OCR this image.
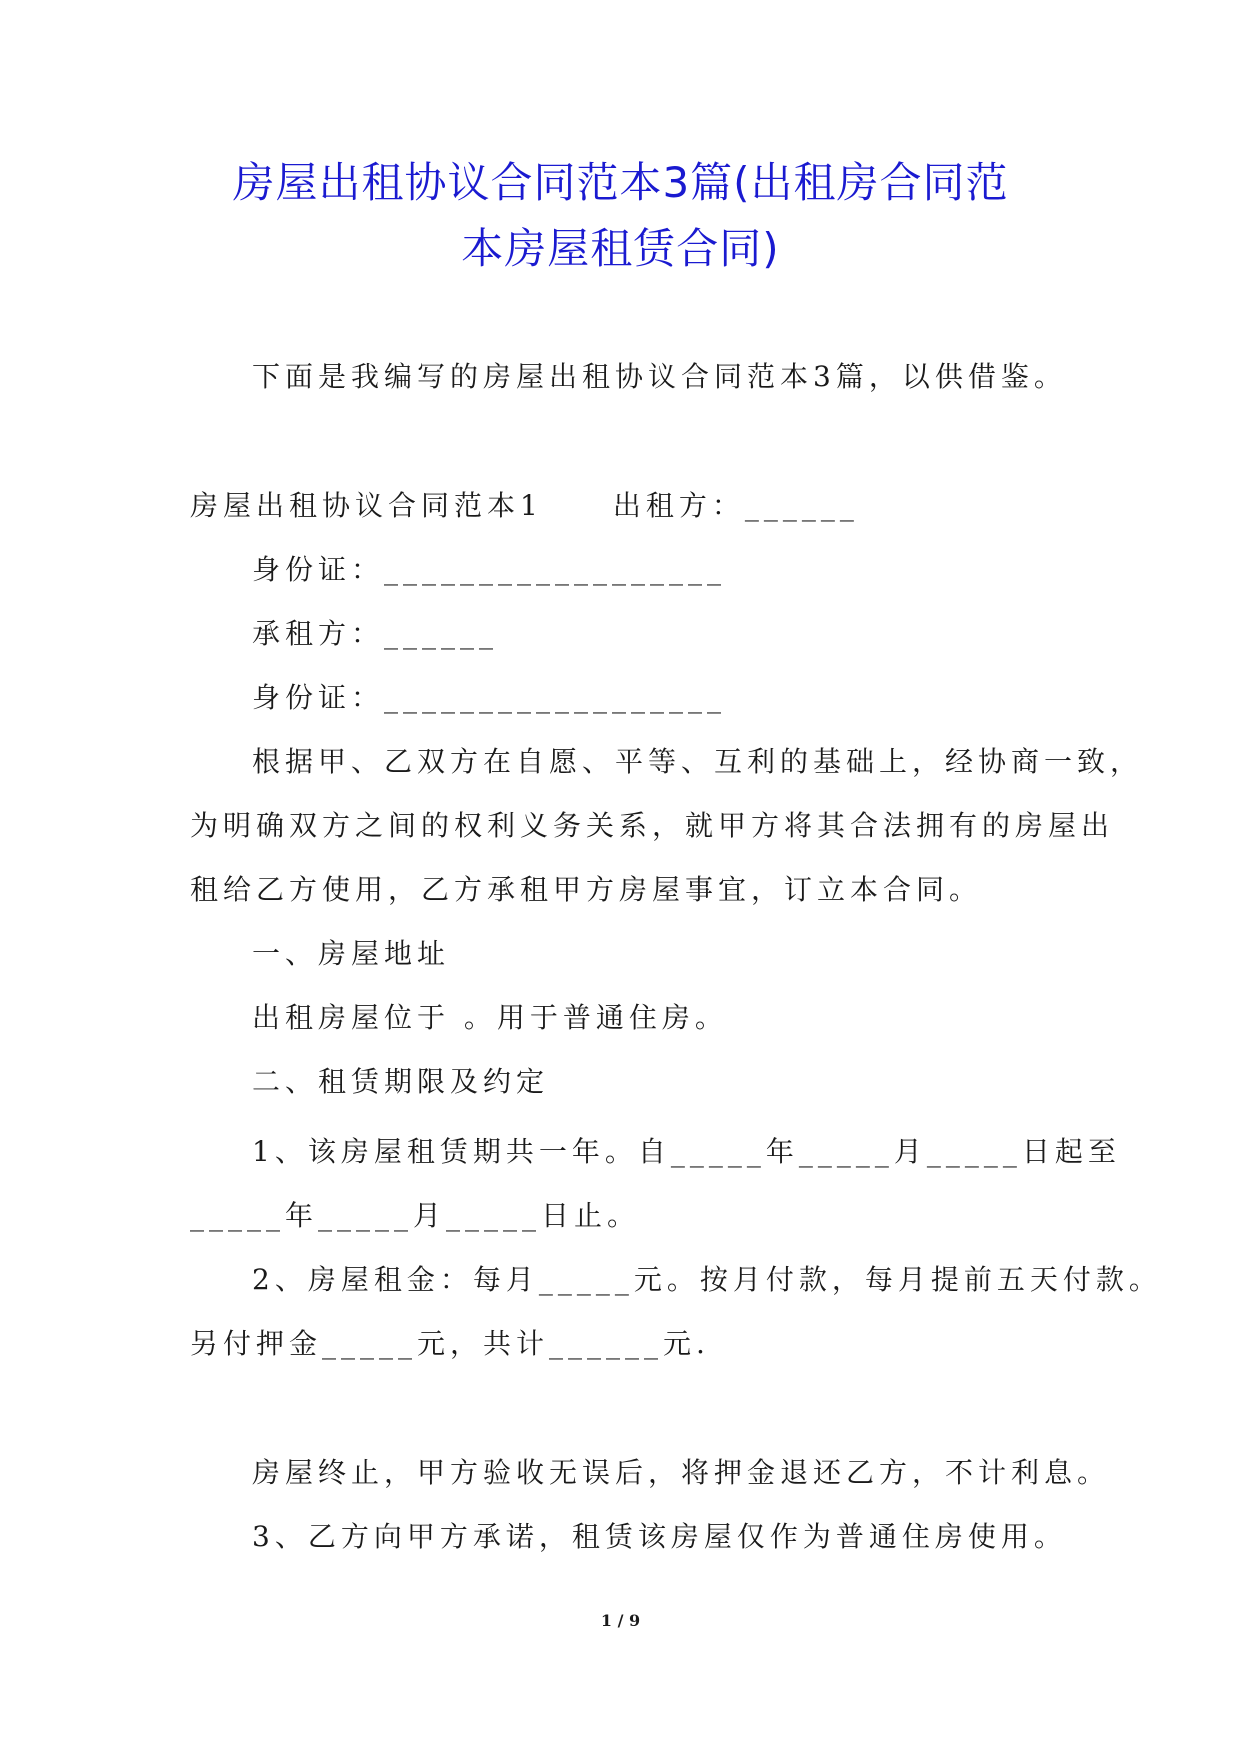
房屋出租协议合同范本3篇(出租房合同范
本房屋租赁合同)
下面是我编写的房屋出租协议合同范本3篇，以供借鉴。
房屋出租协议合同范本1	出租方：______
身份证：__________________
承租方：______
身份证：__________________
根据甲、乙双方在自愿、平等、互利的基础上，经协商一致，
为明确双方之间的权利义务关系，就甲方将其合法拥有的房屋出
租给乙方使用，乙方承租甲方房屋事宜，订立本合同。
一、房屋地址
出租房屋位于 。用于普通住房。
二、租赁期限及约定
1、该房屋租赁期共一年。自_____年_____月_____日起至
_____年_____月_____日止。
2、房屋租金：每月_____元。按月付款，每月提前五天付款。
另付押金_____元，共计______元.
房屋终止，甲方验收无误后，将押金退还乙方，不计利息。
3、乙方向甲方承诺，租赁该房屋仅作为普通住房使用。
1 / 9
